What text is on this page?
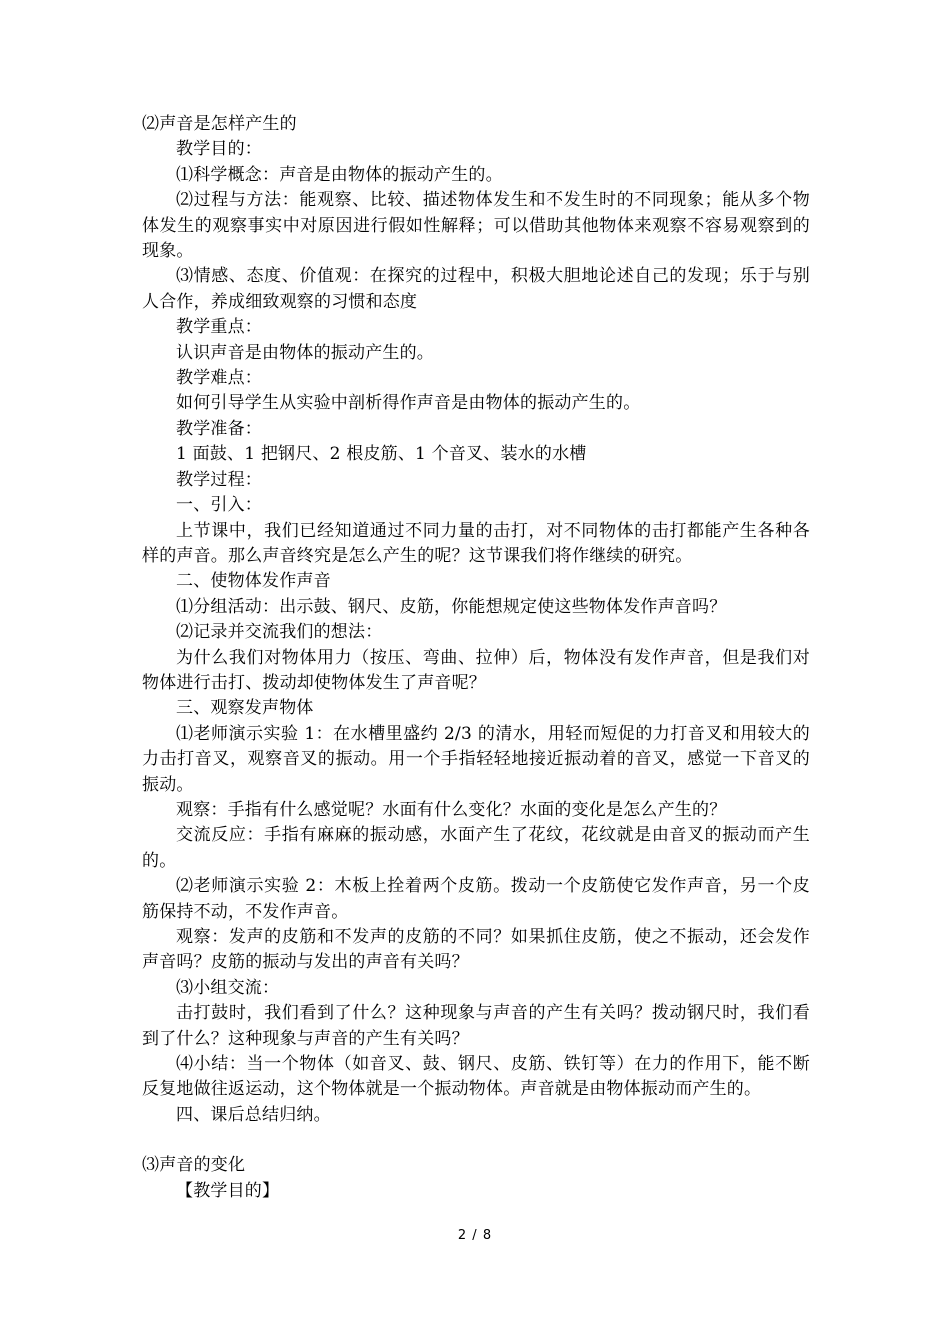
⑵声音是怎样产生的

教学目的：

⑴科学概念：声音是由物体的振动产生的。

⑵过程与方法：能观察、比较、描述物体发生和不发生时的不同现象；能从多个物体发生的观察事实中对原因进行假如性解释；可以借助其他物体来观察不容易观察到的现象。

⑶情感、态度、价值观：在探究的过程中，积极大胆地论述自己的发现；乐于与别人合作，养成细致观察的习惯和态度

教学重点：

认识声音是由物体的振动产生的。

教学难点：

如何引导学生从实验中剖析得作声音是由物体的振动产生的。

教学准备：

1 面鼓、1 把钢尺、2 根皮筋、1 个音叉、装水的水槽

教学过程：

一、引入：

上节课中，我们已经知道通过不同力量的击打，对不同物体的击打都能产生各种各样的声音。那么声音终究是怎么产生的呢？这节课我们将作继续的研究。

二、使物体发作声音

⑴分组活动：出示鼓、钢尺、皮筋，你能想规定使这些物体发作声音吗？

⑵记录并交流我们的想法：

为什么我们对物体用力（按压、弯曲、拉伸）后，物体没有发作声音，但是我们对物体进行击打、拨动却使物体发生了声音呢？

三、观察发声物体

⑴老师演示实验 1：在水槽里盛约 2/3 的清水，用轻而短促的力打音叉和用较大的力击打音叉，观察音叉的振动。用一个手指轻轻地接近振动着的音叉，感觉一下音叉的振动。

观察：手指有什么感觉呢？水面有什么变化？水面的变化是怎么产生的？

交流反应：手指有麻麻的振动感，水面产生了花纹，花纹就是由音叉的振动而产生的。

⑵老师演示实验 2：木板上拴着两个皮筋。拨动一个皮筋使它发作声音，另一个皮筋保持不动，不发作声音。

观察：发声的皮筋和不发声的皮筋的不同？如果抓住皮筋，使之不振动，还会发作声音吗？皮筋的振动与发出的声音有关吗？

⑶小组交流：

击打鼓时，我们看到了什么？这种现象与声音的产生有关吗？拨动钢尺时，我们看到了什么？这种现象与声音的产生有关吗？

⑷小结：当一个物体（如音叉、鼓、钢尺、皮筋、铁钉等）在力的作用下，能不断反复地做往返运动，这个物体就是一个振动物体。声音就是由物体振动而产生的。

四、课后总结归纳。

⑶声音的变化

【教学目的】

2 / 8
